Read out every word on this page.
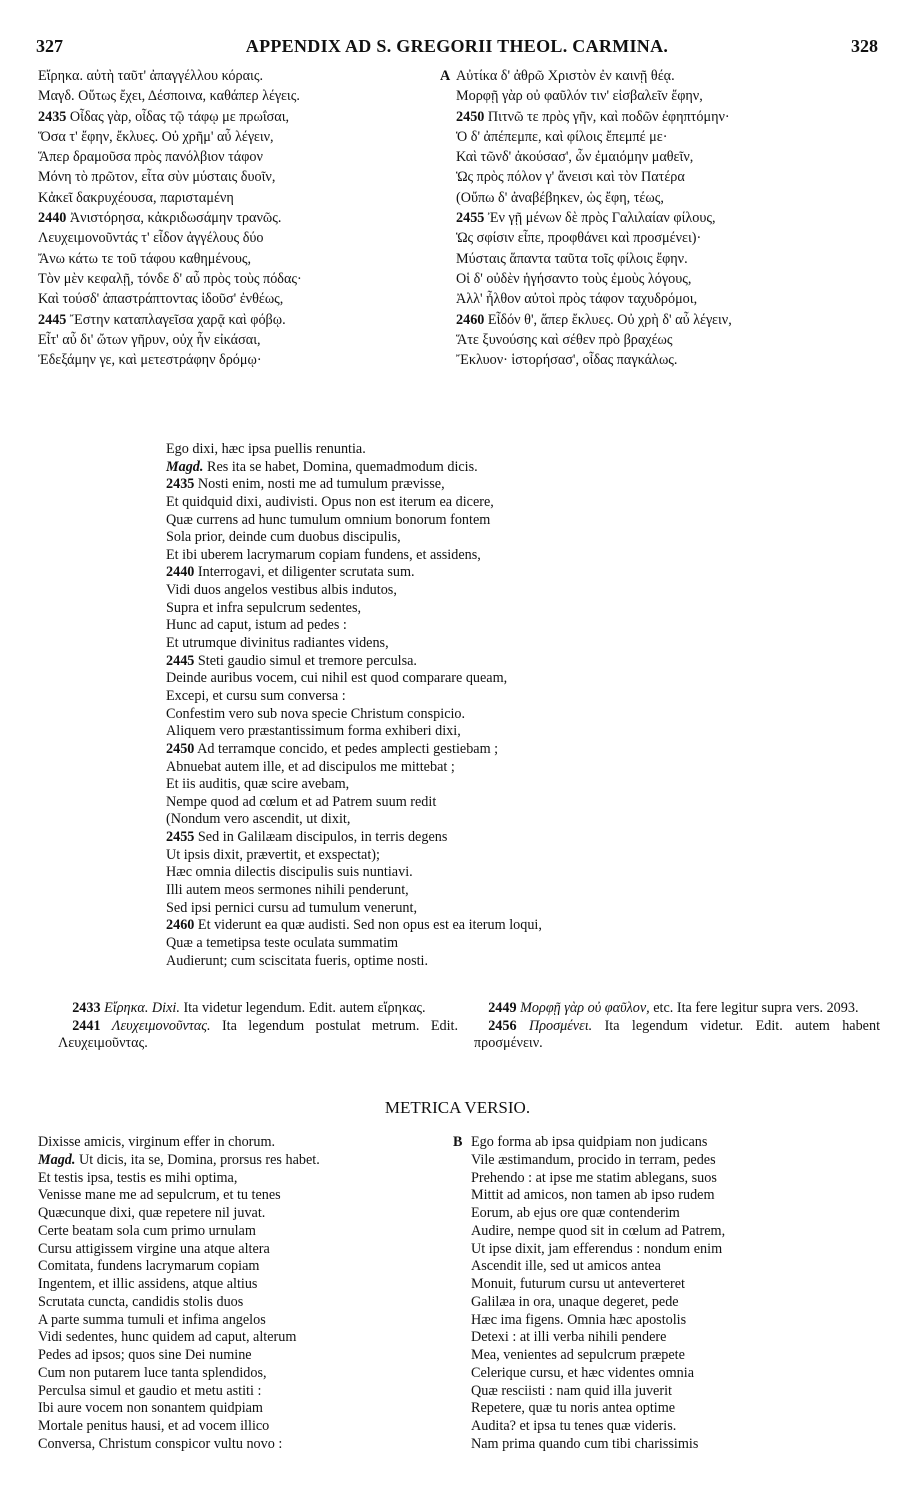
327	APPENDIX AD S. GREGORII THEOL. CARMINA.	328
Εἴρηκα. αὐτὴ ταῦτ' ἀπαγγέλλου κόραις.
Μαγδ. Οὕτως ἔχει, Δέσποινα, καθάπερ λέγεις.
2435 Οἶδας γὰρ, οἶδας τῷ τάφῳ με πρωΐσαι,
Ὅσα τ' ἔφην, ἔκλυες. Οὐ χρῆμ' αὖ λέγειν,
Ἅπερ δραμοῦσα πρὸς πανόλβιον τάφον
Μόνη τὸ πρῶτον, εἶτα σὺν μύσταις δυοῖν,
Κἀκεῖ δακρυχέουσα, παρισταμένη
2440 Ἀνιστόρησα, κἀκριδωσάμην τρανῶς.
Λευχειμονοῦντάς τ' εἶδον ἀγγέλους δύο
Ἄνω κάτω τε τοῦ τάφου καθημένους,
Τὸν μὲν κεφαλῇ, τόνδε δ' αὖ πρὸς τοὺς πόδας·
Καὶ τούσδ' ἀπαστράπτοντας ἰδοῦσ' ἐνθέως,
2445 Ἔστην καταπλαγεῖσα χαρᾷ καὶ φόβῳ.
Εἶτ' αὖ δι' ὤτων γῆρυν, οὐχ ἦν εἰκάσαι,
Ἐδεξάμην γε, καὶ μετεστράφην δρόμῳ·
A Αὐτίκα δ' ἀθρῶ Χριστὸν ἐν καινῇ θέᾳ.
Μορφῇ γὰρ οὐ φαῦλόν τιν' εἰσβαλεῖν ἔφην,
2450 Πιτνῶ τε πρὸς γῆν, καὶ ποδῶν ἐφηπτόμην·
Ὁ δ' ἀπέπεμπε, καὶ φίλοις ἔπεμπέ με·
Καὶ τῶνδ' ἀκούσασ', ὧν ἐμαιόμην μαθεῖν,
Ὡς πρὸς πόλον γ' ἄνεισι καὶ τὸν Πατέρα
(Οὔπω δ' ἀναβέβηκεν, ὡς ἔφη, τέως,
2455 Ἐν γῇ μένων δὲ πρὸς Γαλιλαίαν φίλους,
Ὡς σφίσιν εἶπε, προφθάνει καὶ προσμένει)·
Μύσταις ἅπαντα ταῦτα τοῖς φίλοις ἔφην.
Οἱ δ' οὐδὲν ἡγήσαντο τοὺς ἐμοὺς λόγους,
Ἀλλ' ἦλθον αὐτοὶ πρὸς τάφον ταχυδρόμοι,
2460 Εἶδόν θ', ἅπερ ἔκλυες. Οὐ χρὴ δ' αὖ λέγειν,
Ἅτε ξυνούσης καὶ σέθεν πρὸ βραχέως
Ἔκλυον· ἱστορήσασ', οἶδας παγκάλως.
Ego dixi, hæc ipsa puellis renuntia.
Magd. Res ita se habet, Domina, quemadmodum dicis.
2435 Nosti enim, nosti me ad tumulum prævisse,
Et quidquid dixi, audivisti. Opus non est iterum ea dicere,
Quæ currens ad hunc tumulum omnium bonorum fontem
Sola prior, deinde cum duobus discipulis,
Et ibi uberem lacrymarum copiam fundens, et assidens,
2440 Interrogavi, et diligenter scrutata sum.
Vidi duos angelos vestibus albis indutos,
Supra et infra sepulcrum sedentes,
Hunc ad caput, istum ad pedes :
Et utrumque divinitus radiantes videns,
2445 Steti gaudio simul et tremore perculsa.
Deinde auribus vocem, cui nihil est quod comparare queam,
Excepi, et cursu sum conversa :
Confestim vero sub nova specie Christum conspicio.
Aliquem vero præstantissimum forma exhiberi dixi,
2450 Ad terramque concido, et pedes amplecti gestiebam ;
Abnuebat autem ille, et ad discipulos me mittebat ;
Et iis auditis, quæ scire avebam,
Nempe quod ad cœlum et ad Patrem suum redit
(Nondum vero ascendit, ut dixit,
2455 Sed in Galilæam discipulos, in terris degens
Ut ipsis dixit, prævertit, et exspectat);
Hæc omnia dilectis discipulis suis nuntiavi.
Illi autem meos sermones nihili penderunt,
Sed ipsi pernici cursu ad tumulum venerunt,
2460 Et viderunt ea quæ audisti. Sed non opus est ea iterum loqui,
Quæ a temetipsa teste oculata summatim
Audierunt; cum sciscitata fueris, optime nosti.
 2433 Εἴρηκα. Dixi. Ita videtur legendum. Edit. autem εἴρηκας.
 2441 Λευχειμονοῦντας. Ita legendum postulat metrum. Edit. Λευχειμοῦντας.
 2449 Μορφῇ γὰρ οὐ φαῦλον, etc. Ita fere legitur supra vers. 2093.
 2456 Προσμένει. Ita legendum videtur. Edit. autem habent προσμένειν.
METRICA VERSIO.
Dixisse amicis, virginum effer in chorum.
Magd. Ut dicis, ita se, Domina, prorsus res habet.
Et testis ipsa, testis es mihi optima,
Venisse mane me ad sepulcrum, et tu tenes
Quæcunque dixi, quæ repetere nil juvat.
Certe beatam sola cum primo urnulam
Cursu attigissem virgine una atque altera
Comitata, fundens lacrymarum copiam
Ingentem, et illic assidens, atque altius
Scrutata cuncta, candidis stolis duos
A parte summa tumuli et infima angelos
Vidi sedentes, hunc quidem ad caput, alterum
Pedes ad ipsos; quos sine Dei numine
Cum non putarem luce tanta splendidos,
Perculsa simul et gaudio et metu astiti :
Ibi aure vocem non sonantem quidpiam
Mortale penitus hausi, et ad vocem illico
Conversa, Christum conspicor vultu novo :
B Ego forma ab ipsa quidpiam non judicans
Vile æstimandum, procido in terram, pedes
Prehendo : at ipse me statim ablegans, suos
Mittit ad amicos, non tamen ab ipso rudem
Eorum, ab ejus ore quæ contenderim
Audire, nempe quod sit in cœlum ad Patrem,
Ut ipse dixit, jam efferendus : nondum enim
Ascendit ille, sed ut amicos antea
Monuit, futurum cursu ut anteverteret
Galilæa in ora, unaque degeret, pede
Hæc ima figens. Omnia hæc apostolis
Detexi : at illi verba nihili pendere
Mea, venientes ad sepulcrum præpete
Celerique cursu, et hæc videntes omnia
Quæ resciisti : nam quid illa juverit
Repetere, quæ tu noris antea optime
Audita? et ipsa tu tenes quæ videris.
Nam prima quando cum tibi charissimis
